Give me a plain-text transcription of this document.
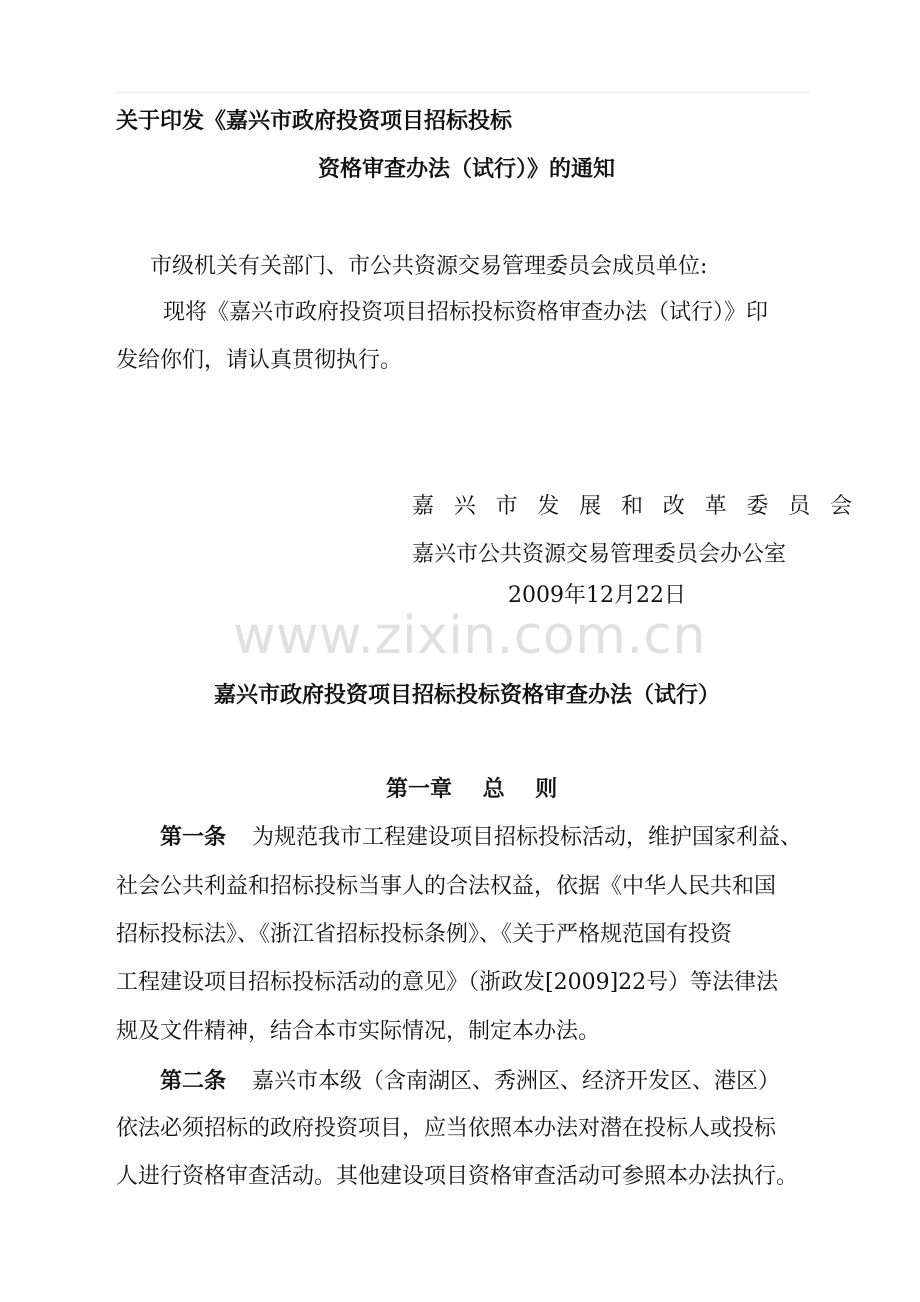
关于印发《嘉兴市政府投资项目招标投标
资格审查办法（试行）》的通知
市级机关有关部门、市公共资源交易管理委员会成员单位:
现将《嘉兴市政府投资项目招标投标资格审查办法（试行）》印
发给你们，请认真贯彻执行。
嘉兴市发展和改革委员会
嘉兴市公共资源交易管理委员会办公室
2009年12月22日
www.zixin.com.cn
嘉兴市政府投资项目招标投标资格审查办法（试行）
第一章    总    则
第一条 为规范我市工程建设项目招标投标活动，维护国家利益、
社会公共利益和招标投标当事人的合法权益，依据《中华人民共和国
招标投标法》、《浙江省招标投标条例》、《关于严格规范国有投资
工程建设项目招标投标活动的意见》（浙政发[2009]22号）等法律法
规及文件精神，结合本市实际情况，制定本办法。
第二条 嘉兴市本级（含南湖区、秀洲区、经济开发区、港区）
依法必须招标的政府投资项目，应当依照本办法对潜在投标人或投标
人进行资格审查活动。其他建设项目资格审查活动可参照本办法执行。
